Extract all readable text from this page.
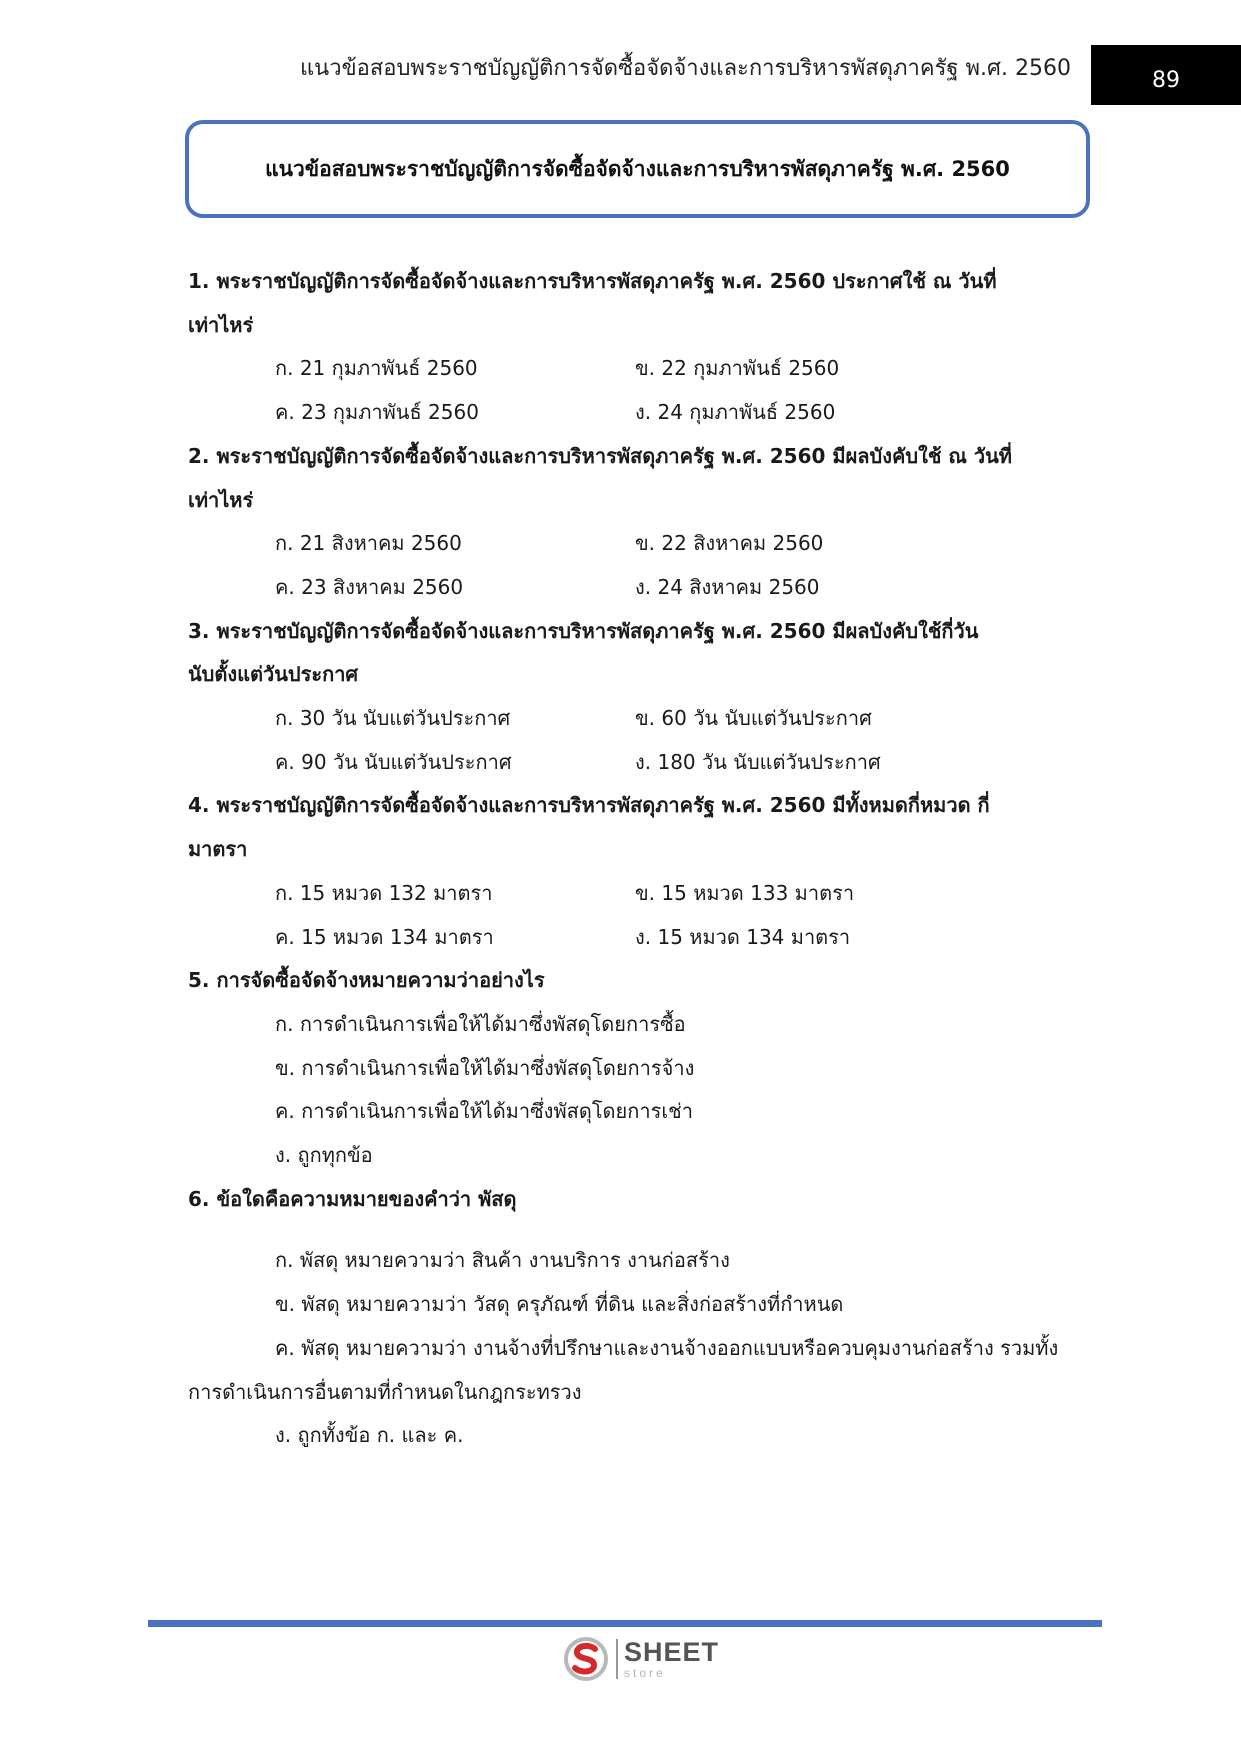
แนวข้อสอบพระราชบัญญัติการจัดซื้อจัดจ้างและการบริหารพัสดุภาครัฐ พ.ศ. 2560	89
แนวข้อสอบพระราชบัญญัติการจัดซื้อจัดจ้างและการบริหารพัสดุภาครัฐ พ.ศ. 2560
1. พระราชบัญญัติการจัดซื้อจัดจ้างและการบริหารพัสดุภาครัฐ พ.ศ. 2560 ประกาศใช้ ณ วันที่
เท่าไหร่
ก. 21 กุมภาพันธ์ 2560	ข. 22 กุมภาพันธ์ 2560
ค. 23 กุมภาพันธ์ 2560	ง. 24 กุมภาพันธ์ 2560
2. พระราชบัญญัติการจัดซื้อจัดจ้างและการบริหารพัสดุภาครัฐ พ.ศ. 2560 มีผลบังคับใช้ ณ วันที่
เท่าไหร่
ก. 21 สิงหาคม 2560	ข. 22 สิงหาคม 2560
ค. 23 สิงหาคม 2560	ง. 24 สิงหาคม 2560
3. พระราชบัญญัติการจัดซื้อจัดจ้างและการบริหารพัสดุภาครัฐ พ.ศ. 2560 มีผลบังคับใช้กี่วัน
นับตั้งแต่วันประกาศ
ก. 30 วัน นับแต่วันประกาศ	ข. 60 วัน นับแต่วันประกาศ
ค. 90 วัน นับแต่วันประกาศ	ง. 180 วัน นับแต่วันประกาศ
4. พระราชบัญญัติการจัดซื้อจัดจ้างและการบริหารพัสดุภาครัฐ พ.ศ. 2560 มีทั้งหมดกี่หมวด กี่
มาตรา
ก. 15 หมวด 132 มาตรา	ข. 15 หมวด 133 มาตรา
ค. 15 หมวด 134 มาตรา	ง. 15 หมวด 134 มาตรา
5. การจัดซื้อจัดจ้างหมายความว่าอย่างไร
ก. การดำเนินการเพื่อให้ได้มาซึ่งพัสดุโดยการซื้อ
ข. การดำเนินการเพื่อให้ได้มาซึ่งพัสดุโดยการจ้าง
ค. การดำเนินการเพื่อให้ได้มาซึ่งพัสดุโดยการเช่า
ง. ถูกทุกข้อ
6. ข้อใดคือความหมายของคำว่า พัสดุ
ก. พัสดุ หมายความว่า สินค้า งานบริการ งานก่อสร้าง
ข. พัสดุ หมายความว่า วัสดุ ครุภัณฑ์ ที่ดิน และสิ่งก่อสร้างที่กำหนด
ค. พัสดุ หมายความว่า งานจ้างที่ปรึกษาและงานจ้างออกแบบหรือควบคุมงานก่อสร้าง รวมทั้ง
การดำเนินการอื่นตามที่กำหนดในกฎกระทรวง
ง. ถูกทั้งข้อ ก. และ ค.
SHEET
store
